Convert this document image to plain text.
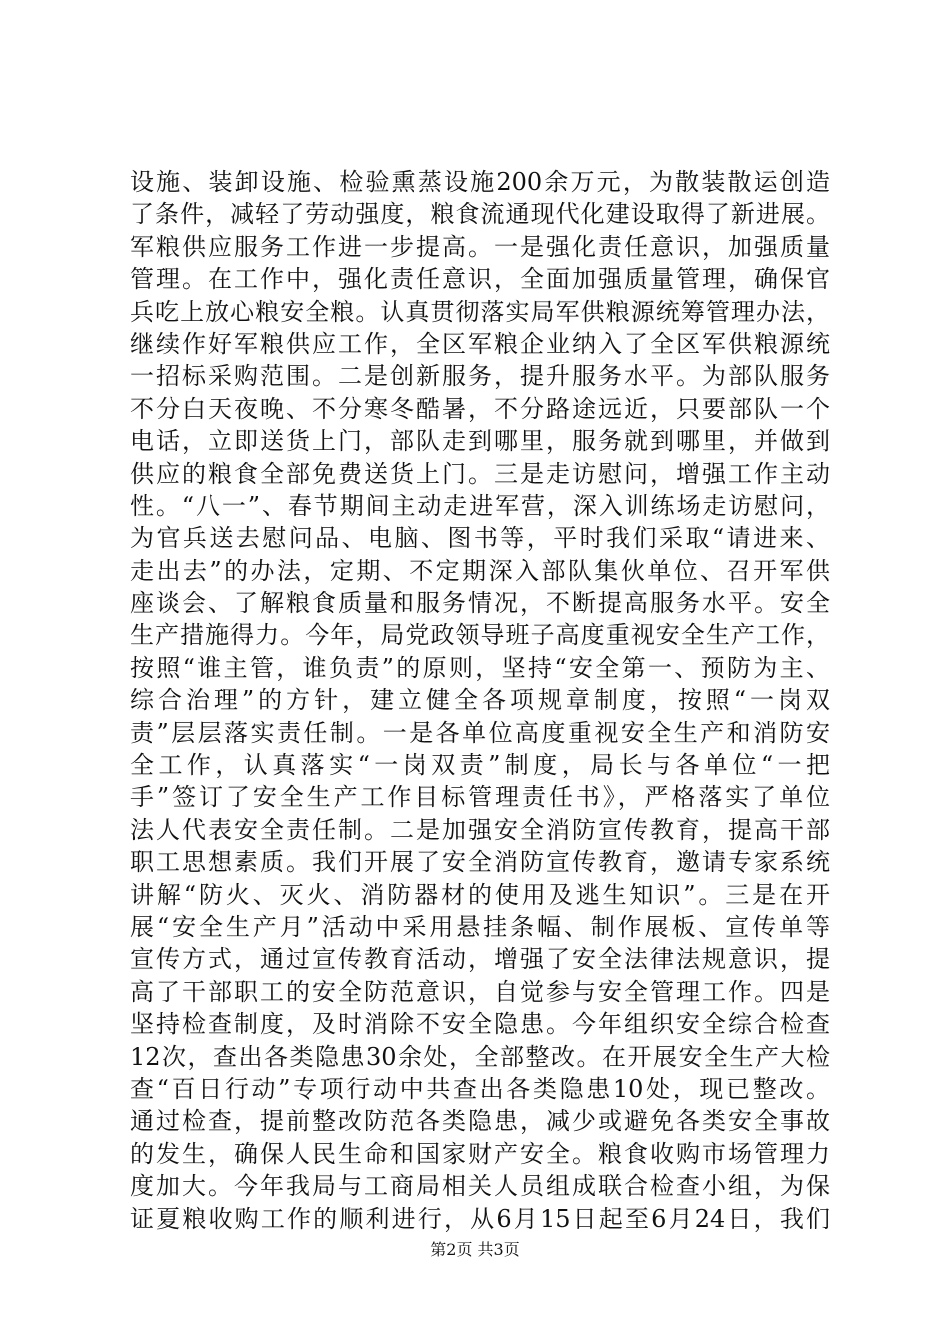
设施、装卸设施、检验熏蒸设施200余万元，为散装散运创造
了条件，减轻了劳动强度，粮食流通现代化建设取得了新进展。
军粮供应服务工作进一步提高。一是强化责任意识，加强质量
管理。在工作中，强化责任意识，全面加强质量管理，确保官
兵吃上放心粮安全粮。认真贯彻落实局军供粮源统筹管理办法，
继续作好军粮供应工作，全区军粮企业纳入了全区军供粮源统
一招标采购范围。二是创新服务，提升服务水平。为部队服务
不分白天夜晚、不分寒冬酷暑，不分路途远近，只要部队一个
电话，立即送货上门，部队走到哪里，服务就到哪里，并做到
供应的粮食全部免费送货上门。三是走访慰问，增强工作主动
性。“八一”、春节期间主动走进军营，深入训练场走访慰问，
为官兵送去慰问品、电脑、图书等，平时我们采取“请进来、
走出去”的办法，定期、不定期深入部队集伙单位、召开军供
座谈会、了解粮食质量和服务情况，不断提高服务水平。安全
生产措施得力。今年，局党政领导班子高度重视安全生产工作，
按照“谁主管，谁负责”的原则，坚持“安全第一、预防为主、
综合治理”的方针，建立健全各项规章制度，按照“一岗双
责”层层落实责任制。一是各单位高度重视安全生产和消防安
全工作，认真落实“一岗双责”制度，局长与各单位“一把
手”签订了安全生产工作目标管理责任书》，严格落实了单位
法人代表安全责任制。二是加强安全消防宣传教育，提高干部
职工思想素质。我们开展了安全消防宣传教育，邀请专家系统
讲解“防火、灭火、消防器材的使用及逃生知识”。三是在开
展“安全生产月”活动中采用悬挂条幅、制作展板、宣传单等
宣传方式，通过宣传教育活动，增强了安全法律法规意识，提
高了干部职工的安全防范意识，自觉参与安全管理工作。四是
坚持检查制度，及时消除不安全隐患。今年组织安全综合检查
12次，查出各类隐患30余处，全部整改。在开展安全生产大检
查“百日行动”专项行动中共查出各类隐患10处，现已整改。
通过检查，提前整改防范各类隐患，减少或避免各类安全事故
的发生，确保人民生命和国家财产安全。粮食收购市场管理力
度加大。今年我局与工商局相关人员组成联合检查小组，为保
证夏粮收购工作的顺利进行，从6月15日起至6月24日，我们
第2页 共3页
